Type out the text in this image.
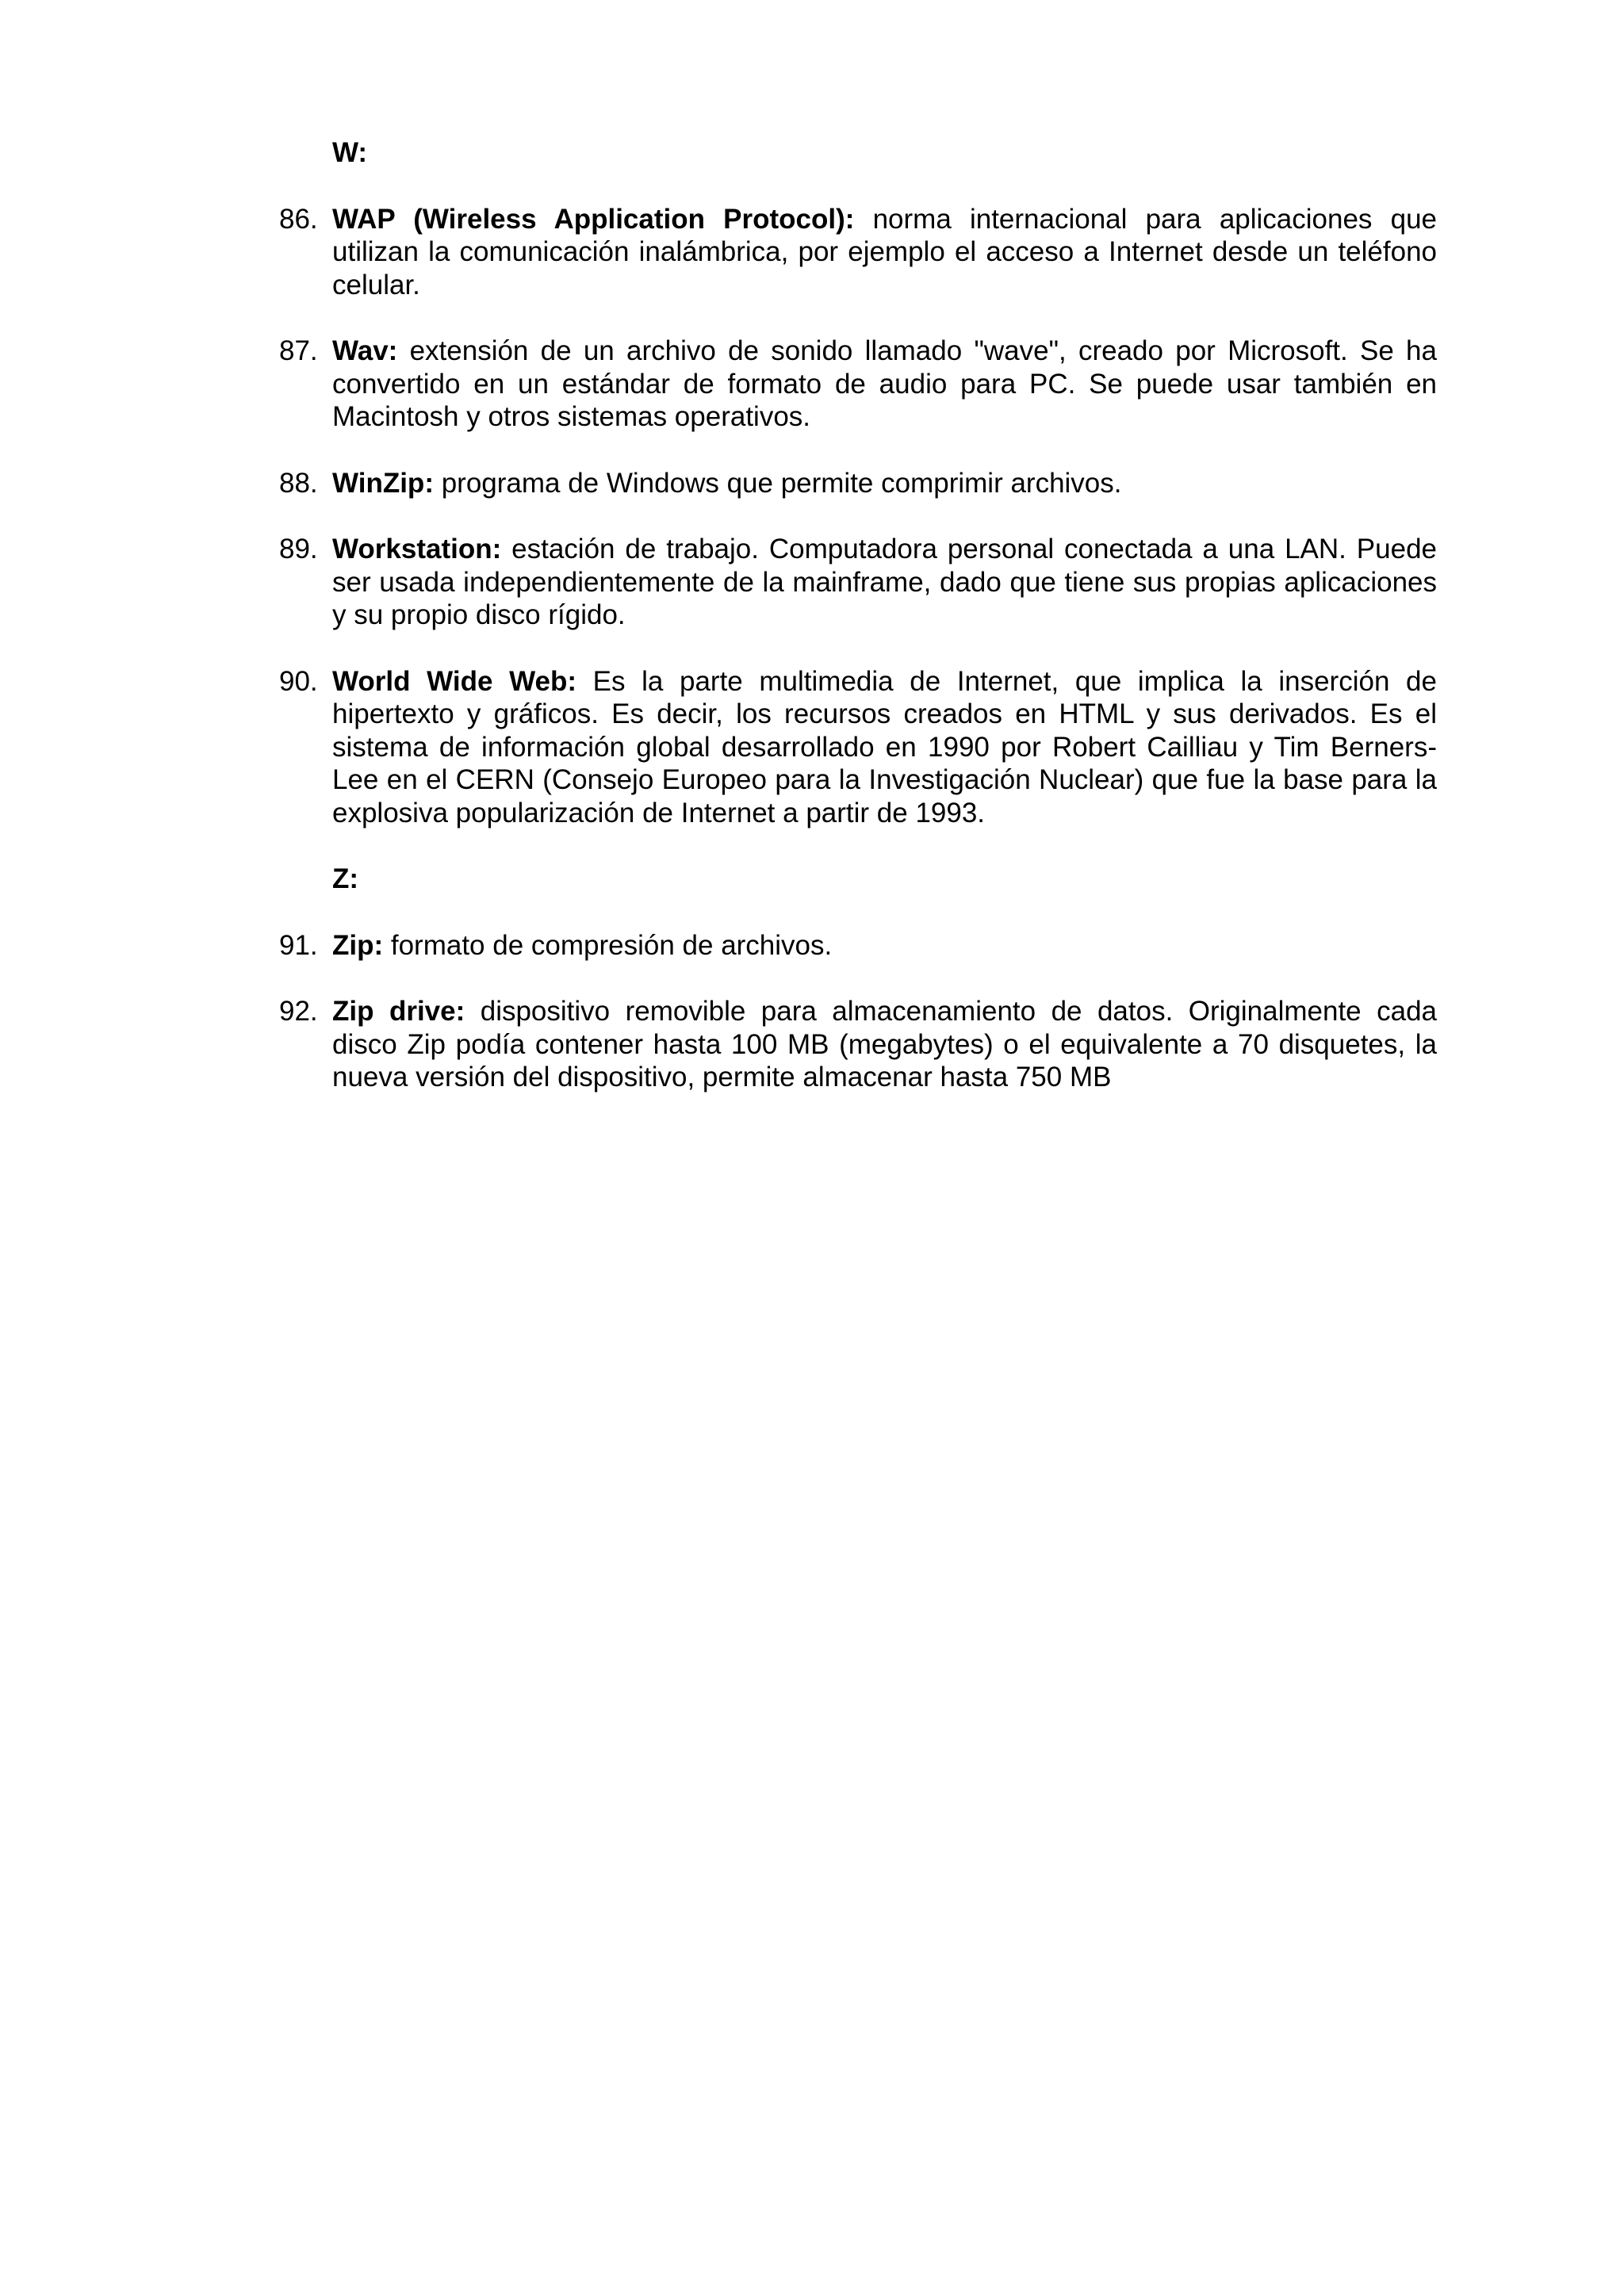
W:
86. WAP (Wireless Application Protocol): norma internacional para aplicaciones que utilizan la comunicación inalámbrica, por ejemplo el acceso a Internet desde un teléfono celular.
87. Wav: extensión de un archivo de sonido llamado "wave", creado por Microsoft. Se ha convertido en un estándar de formato de audio para PC. Se puede usar también en Macintosh y otros sistemas operativos.
88. WinZip: programa de Windows que permite comprimir archivos.
89. Workstation: estación de trabajo. Computadora personal conectada a una LAN. Puede ser usada independientemente de la mainframe, dado que tiene sus propias aplicaciones y su propio disco rígido.
90. World Wide Web: Es la parte multimedia de Internet, que implica la inserción de hipertexto y gráficos. Es decir, los recursos creados en HTML y sus derivados. Es el sistema de información global desarrollado en 1990 por Robert Cailliau y Tim Berners-Lee en el CERN (Consejo Europeo para la Investigación Nuclear) que fue la base para la explosiva popularización de Internet a partir de 1993.
Z:
91. Zip: formato de compresión de archivos.
92. Zip drive: dispositivo removible para almacenamiento de datos. Originalmente cada disco Zip podía contener hasta 100 MB (megabytes) o el equivalente a 70 disquetes, la nueva versión del dispositivo, permite almacenar hasta 750 MB
